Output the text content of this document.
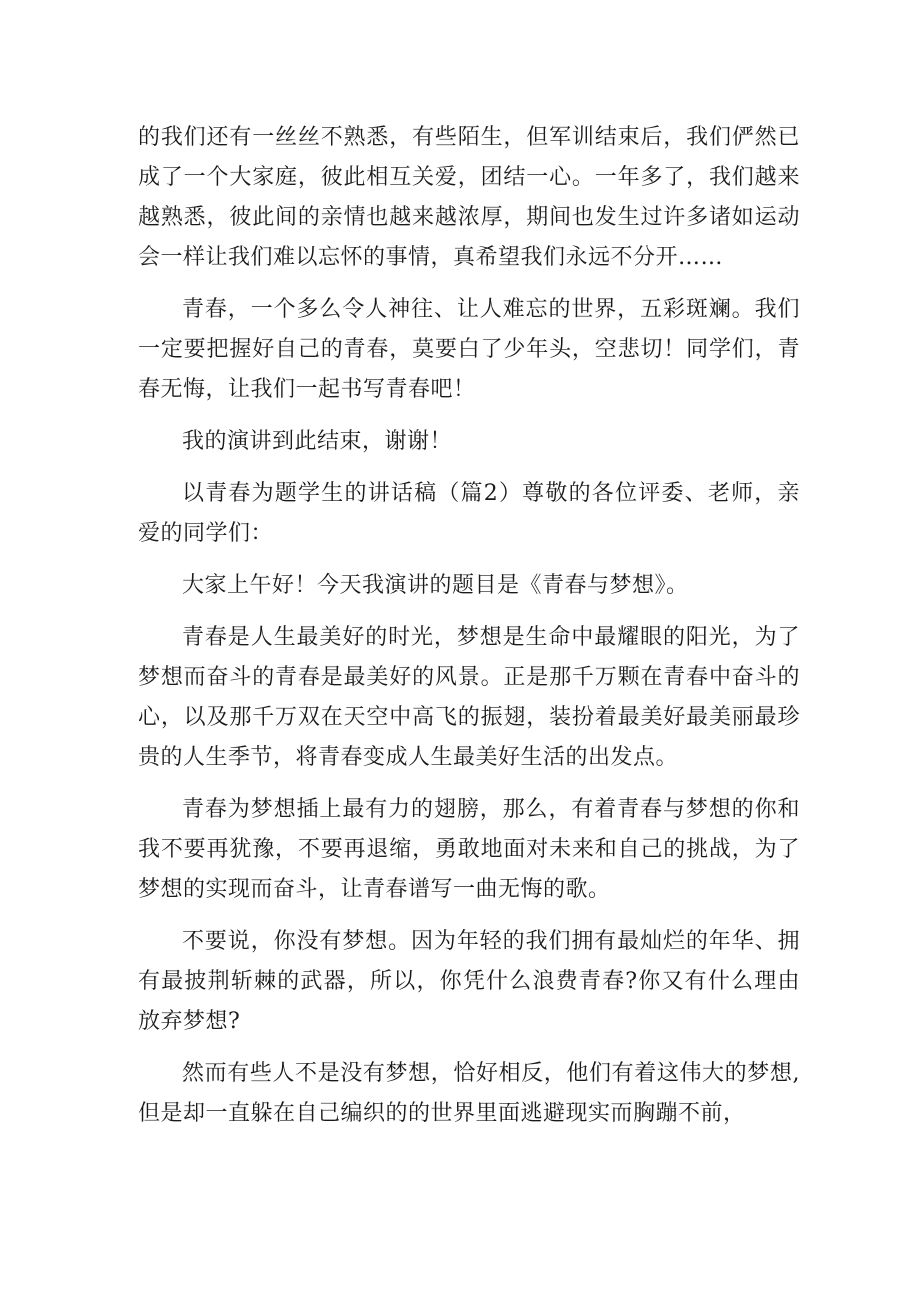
的我们还有一丝丝不熟悉，有些陌生，但军训结束后，我们俨然已成了一个大家庭，彼此相互关爱，团结一心。一年多了，我们越来越熟悉，彼此间的亲情也越来越浓厚，期间也发生过许多诸如运动会一样让我们难以忘怀的事情，真希望我们永远不分开……

青春，一个多么令人神往、让人难忘的世界，五彩斑斓。我们一定要把握好自己的青春，莫要白了少年头，空悲切！同学们，青春无悔，让我们一起书写青春吧！

我的演讲到此结束，谢谢！

以青春为题学生的讲话稿（篇2）尊敬的各位评委、老师，亲爱的同学们：

大家上午好！今天我演讲的题目是《青春与梦想》。

青春是人生最美好的时光，梦想是生命中最耀眼的阳光，为了梦想而奋斗的青春是最美好的风景。正是那千万颗在青春中奋斗的心，以及那千万双在天空中高飞的振翅，装扮着最美好最美丽最珍贵的人生季节，将青春变成人生最美好生活的出发点。

青春为梦想插上最有力的翅膀，那么，有着青春与梦想的你和我不要再犹豫，不要再退缩，勇敢地面对未来和自己的挑战，为了梦想的实现而奋斗，让青春谱写一曲无悔的歌。

不要说，你没有梦想。因为年轻的我们拥有最灿烂的年华、拥有最披荆斩棘的武器，所以，你凭什么浪费青春?你又有什么理由放弃梦想?

然而有些人不是没有梦想，恰好相反，他们有着这伟大的梦想,但是却一直躲在自己编织的的世界里面逃避现实而胸蹦不前，
